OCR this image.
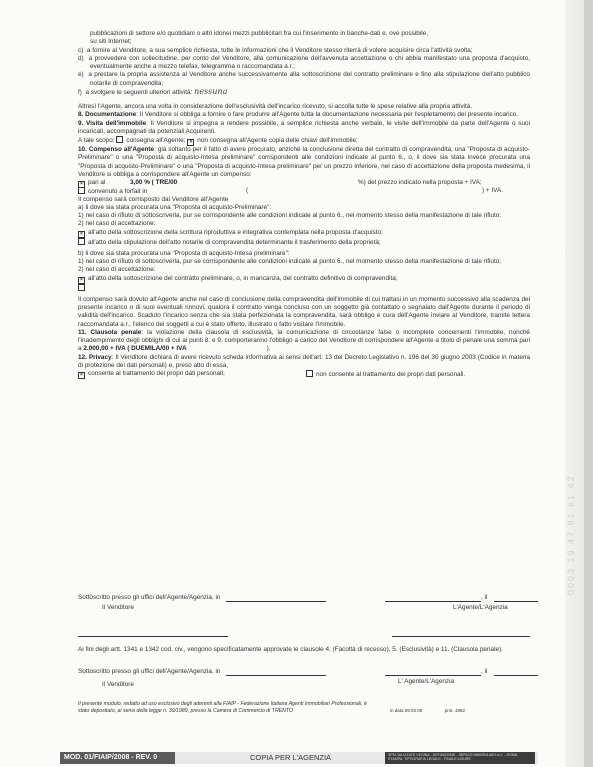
0003 19 47 81 61 42

pubblicazioni di settore e/o quotidiani o altri idonei mezzi pubblicitari fra cui l'inserimento in banche-dati e, ove possibile,

su siti Internet;

c) a fornire al Venditore, a sua semplice richiesta, tutte le informazioni che il Venditore stesso riterrà di volere acquisire circa l'attività svolta;

d) a provvedere con sollecitudine, per conto del Venditore, alla comunicazione dell'avvenuta accettazione o chi abbia manifestato una proposta d'acquisto, eventualmente anche a mezzo telefax, telegramma o raccomandata a.r.;

e) a prestare la propria assistenza al Venditore anche successivamente alla sottoscrizione del contratto preliminare e fino alla stipulazione dell'atto pubblico notarile di compravendita;

f) a svolgere le seguenti ulteriori attività: nessuna

Altresì l'Agente, ancora una volta in considerazione dell'esclusività dell'incarico ricevuto, si accolla tutte le spese relative alla propria attività.

8. Documentazione: Il Venditore si obbliga a fornire o fare produrre all'Agente tutta la documentazione necessaria per l'espletamento del presente incarico.

9. Visita dell'immobile: Il Venditore si impegna a rendere possibile, a semplice richiesta anche verbale, le visite dell'immobile da parte dell'Agente o suoi incaricati, accompagnati da potenziali Acquirenti.

A tale scopo: consegna all'Agente; × non consegna all'Agente copia delle chiavi dell'immobile;

10. Compenso all'Agente: già soltanto per il fatto di avere procurato, anziché la conclusione diretta del contratto di compravendita, una "Proposta di acquisto-Preliminare" o una "Proposta di acquisto-Intesa preliminare" corrispondenti alle condizioni indicate al punto 6., o, il dove sia stata invece procurata una "Proposta di acquisto-Preliminare" o una "Proposta di acquisto-Intesa preliminare" per un prezzo inferiore, nel caso di accettazione della proposta medesima, il Venditore si obbliga a corrispondere all'Agente un compenso:

× pari al	3,00 % ( TRE/00	%) del prezzo indicato nella proposta + IVA;
convenuto a forfait in	(	) + IVA.

Il compenso sarà corrisposto dal Venditore all'Agente

a) li dove sia stata procurata una "Proposta di acquisto-Preliminare":

1) nel caso di rifiuto di sottoscriverla, pur se corrispondente alle condizioni indicate al punto 6., nel momento stesso della manifestazione di tale rifiuto;

2) nel caso di accettazione:

× all'atto della sottoscrizione della scrittura riproduttiva e integrativa contemplata nella proposta d'acquisto;

all'atto della stipulazione dell'atto notarile di compravendita determinante il trasferimento della proprietà;

b) li dove sia stata procurata una "Proposta di acquisto-Intesa preliminare":

1) nel caso di rifiuto di sottoscriverla, pur se corrispondente alle condizioni indicate al punto 6., nel momento stesso della manifestazione di tale rifiuto;

2) nel caso di accettazione:

× all'atto della sottoscrizione del contratto preliminare, o, in mancanza, del contratto definitivo di compravendita;

Il compenso sarà dovuto all'Agente anche nel caso di conclusione della compravendita dell'immobile di cui trattasi in un momento successivo alla scadenza del presente incarico o di suoi eventuali rinnovi, qualora il contratto venga concluso con un soggetto già contattato o segnalato dall'Agente durante il periodo di validità dell'incarico. Scaduto l'incarico senza che sia stata perfezionata la compravendita, sarà obbligo e cura dell'Agente inviare al Venditore, tramite lettera raccomandata a.r., l'elenco dei soggetti a cui è stato offerto, illustrato o fatto visitare l'immobile.

11. Clausola penale: la violazione della clausola di esclusività, la comunicazione di circostanze false o incomplete concernenti l'immobile, nonché l'inadempimento degli obblighi di cui ai punti 8. e 9. comporteranno l'obbligo a carico del Venditore di corrispondere all'Agente a titolo di penale una somma pari a 2.000,00 + IVA ( DUEMILA/00 + IVA	).

12. Privacy: Il Venditore dichiara di avere ricevuto scheda informativa ai sensi dell'art. 13 del Decreto Legislativo n. 196 del 30 giugno 2003 (Codice in materia di protezione dei dati personali) e, preso atto di essa,

× consente al trattamento dei propri dati personali;	non consente al trattamento dei propri dati personali.
Sottoscritto presso gli uffici dell'Agente/Agenzia, in	, il
Il Venditore	L'Agente/L'Agenzia
Ai fini degli artt. 1341 e 1342 cod. civ., vengono specificatamente approvate le clausole 4. (Facoltà di recesso), 5. (Esclusività) e 11. (Clausola penale).
Sottoscritto presso gli uffici dell'Agente/Agenzia, in	, il
Il Venditore	L' Agente/L'Agenzia
Il presente modulo, redatto ad uso esclusivo degli aderenti alla FIAIP - Federazione Italiana Agenti Immobiliari Professionali, è stato depositato, ai sensi della legge n. 39/1989, presso la Camera di Commercio di TRENTO	in data 09.03.09	prot. 4862
MOD. 01/FIAIP/2008 - REV. 0	COPIA PER L'AGENZIA	SPECIALIZZATE VEDINA - DEFINIZIONE - SERVIZI IMMOBILIARI s.r.l. - ROMA. STAMPA: TIPOGRAFIA LEGALE - FINALE LIGURE
